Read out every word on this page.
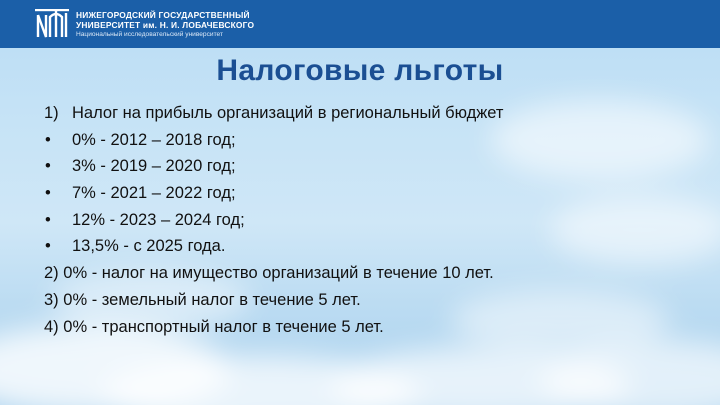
НИЖЕГОРОДСКИЙ ГОСУДАРСТВЕННЫЙ
УНИВЕРСИТЕТ им. Н. И. ЛОБАЧЕВСКОГО
Национальный исследовательский университет
Налоговые льготы
1) Налог на прибыль организаций в региональный бюджет
• 0% - 2012 – 2018 год;
• 3% - 2019 – 2020 год;
• 7% - 2021 – 2022 год;
• 12% - 2023 – 2024 год;
• 13,5% - с 2025 года.
2) 0% - налог на имущество организаций в течение 10 лет.
3) 0% - земельный налог в течение 5 лет.
4) 0% - транспортный налог в течение 5 лет.
